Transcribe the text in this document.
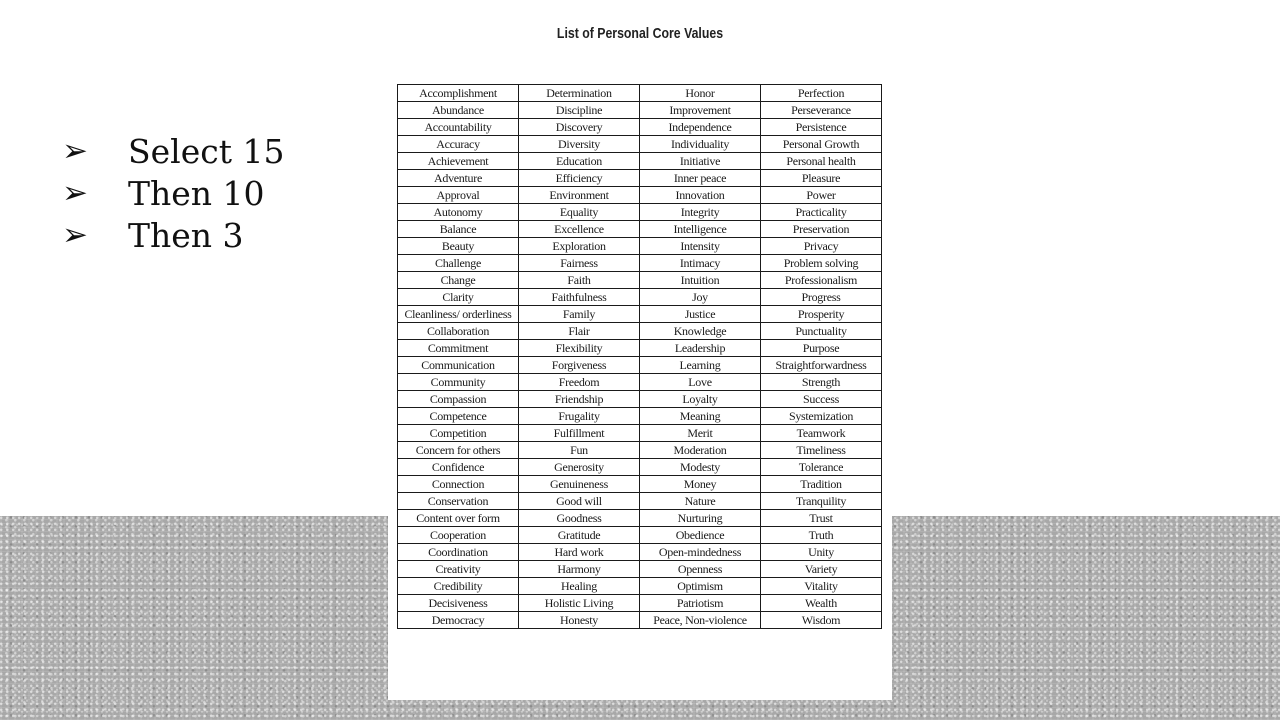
➢	Select 15
➢	Then 10
➢	Then 3
List of Personal Core Values
Accomplishment	Determination	Honor	Perfection
Abundance	Discipline	Improvement	Perseverance
Accountability	Discovery	Independence	Persistence
Accuracy	Diversity	Individuality	Personal Growth
Achievement	Education	Initiative	Personal health
Adventure	Efficiency	Inner peace	Pleasure
Approval	Environment	Innovation	Power
Autonomy	Equality	Integrity	Practicality
Balance	Excellence	Intelligence	Preservation
Beauty	Exploration	Intensity	Privacy
Challenge	Fairness	Intimacy	Problem solving
Change	Faith	Intuition	Professionalism
Clarity	Faithfulness	Joy	Progress
Cleanliness/ orderliness	Family	Justice	Prosperity
Collaboration	Flair	Knowledge	Punctuality
Commitment	Flexibility	Leadership	Purpose
Communication	Forgiveness	Learning	Straightforwardness
Community	Freedom	Love	Strength
Compassion	Friendship	Loyalty	Success
Competence	Frugality	Meaning	Systemization
Competition	Fulfillment	Merit	Teamwork
Concern for others	Fun	Moderation	Timeliness
Confidence	Generosity	Modesty	Tolerance
Connection	Genuineness	Money	Tradition
Conservation	Good will	Nature	Tranquility
Content over form	Goodness	Nurturing	Trust
Cooperation	Gratitude	Obedience	Truth
Coordination	Hard work	Open-mindedness	Unity
Creativity	Harmony	Openness	Variety
Credibility	Healing	Optimism	Vitality
Decisiveness	Holistic Living	Patriotism	Wealth
Democracy	Honesty	Peace, Non-violence	Wisdom
